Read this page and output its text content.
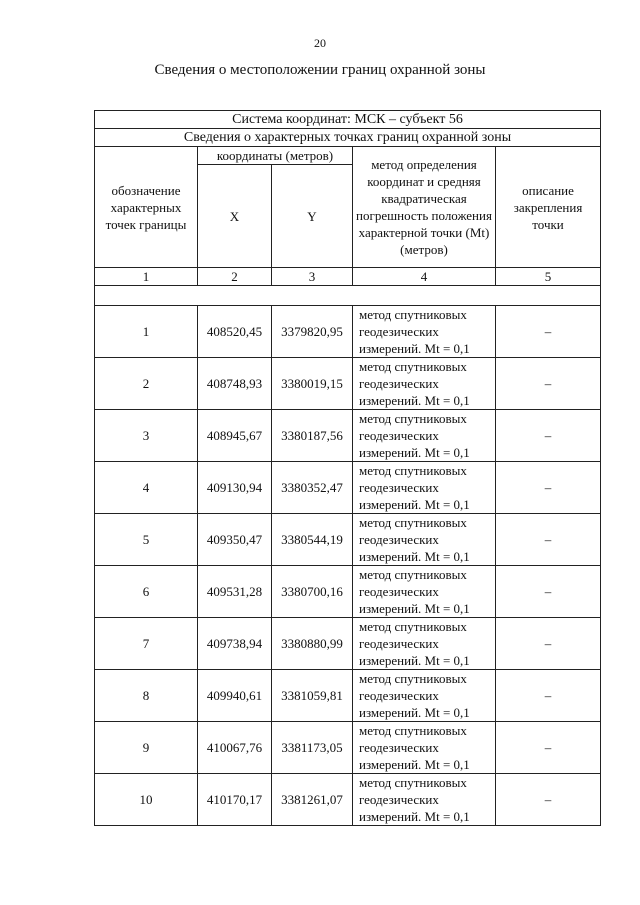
20
Сведения о местоположении границ охранной зоны
Система координат: МСК – субъект 56				
Сведения о характерных точках границ охранной зоны				
обозначение характерных точек границы	координаты (метров)		метод определения координат и средняя квадратическая погрешность положения характерной точки (Mt) (метров)	описание закрепления точки
	X	Y		
1	2	3	4	5

1	408520,45	3379820,95	метод спутниковых
геодезических
измерений. Mt = 0,1	–
2	408748,93	3380019,15	метод спутниковых
геодезических
измерений. Mt = 0,1	–
3	408945,67	3380187,56	метод спутниковых
геодезических
измерений. Mt = 0,1	–
4	409130,94	3380352,47	метод спутниковых
геодезических
измерений. Mt = 0,1	–
5	409350,47	3380544,19	метод спутниковых
геодезических
измерений. Mt = 0,1	–
6	409531,28	3380700,16	метод спутниковых
геодезических
измерений. Mt = 0,1	–
7	409738,94	3380880,99	метод спутниковых
геодезических
измерений. Mt = 0,1	–
8	409940,61	3381059,81	метод спутниковых
геодезических
измерений. Mt = 0,1	–
9	410067,76	3381173,05	метод спутниковых
геодезических
измерений. Mt = 0,1	–
10	410170,17	3381261,07	метод спутниковых
геодезических
измерений. Mt = 0,1	–
